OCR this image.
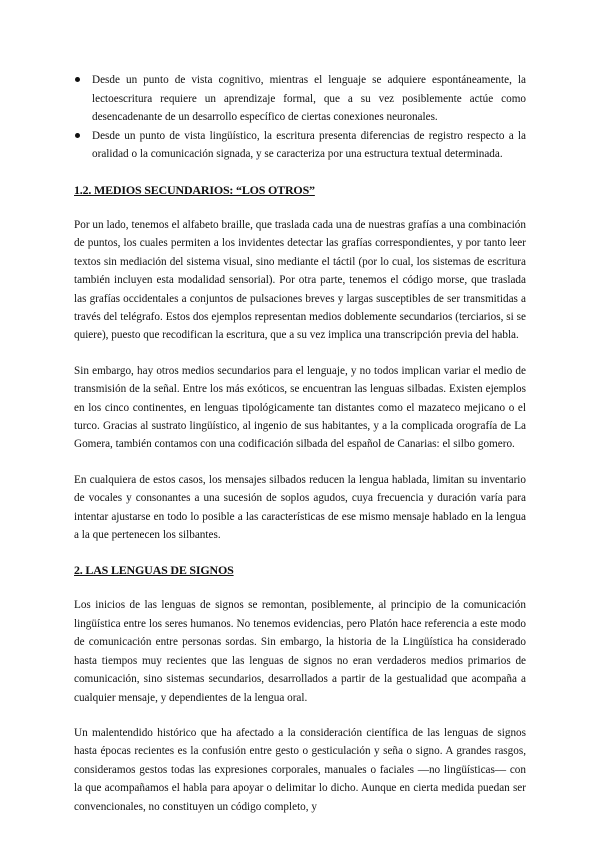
Desde un punto de vista cognitivo, mientras el lenguaje se adquiere espontáneamente, la lectoescritura requiere un aprendizaje formal, que a su vez posiblemente actúe como desencadenante de un desarrollo específico de ciertas conexiones neuronales.
Desde un punto de vista lingüístico, la escritura presenta diferencias de registro respecto a la oralidad o la comunicación signada, y se caracteriza por una estructura textual determinada.
1.2. MEDIOS SECUNDARIOS: “LOS OTROS”

Por un lado, tenemos el alfabeto braille, que traslada cada una de nuestras grafías a una combinación de puntos, los cuales permiten a los invidentes detectar las grafías correspondientes, y por tanto leer textos sin mediación del sistema visual, sino mediante el táctil (por lo cual, los sistemas de escritura también incluyen esta modalidad sensorial). Por otra parte, tenemos el código morse, que traslada las grafías occidentales a conjuntos de pulsaciones breves y largas susceptibles de ser transmitidas a través del telégrafo. Estos dos ejemplos representan medios doblemente secundarios (terciarios, si se quiere), puesto que recodifican la escritura, que a su vez implica una transcripción previa del habla.

Sin embargo, hay otros medios secundarios para el lenguaje, y no todos implican variar el medio de transmisión de la señal. Entre los más exóticos, se encuentran las lenguas silbadas. Existen ejemplos en los cinco continentes, en lenguas tipológicamente tan distantes como el mazateco mejicano o el turco. Gracias al sustrato lingüístico, al ingenio de sus habitantes, y a la complicada orografía de La Gomera, también contamos con una codificación silbada del español de Canarias: el silbo gomero.

En cualquiera de estos casos, los mensajes silbados reducen la lengua hablada, limitan su inventario de vocales y consonantes a una sucesión de soplos agudos, cuya frecuencia y duración varía para intentar ajustarse en todo lo posible a las características de ese mismo mensaje hablado en la lengua a la que pertenecen los silbantes.

2. LAS LENGUAS DE SIGNOS

Los inicios de las lenguas de signos se remontan, posiblemente, al principio de la comunicación lingüística entre los seres humanos. No tenemos evidencias, pero Platón hace referencia a este modo de comunicación entre personas sordas. Sin embargo, la historia de la Lingüística ha considerado hasta tiempos muy recientes que las lenguas de signos no eran verdaderos medios primarios de comunicación, sino sistemas secundarios, desarrollados a partir de la gestualidad que acompaña a cualquier mensaje, y dependientes de la lengua oral.

Un malentendido histórico que ha afectado a la consideración científica de las lenguas de signos hasta épocas recientes es la confusión entre gesto o gesticulación y seña o signo. A grandes rasgos, consideramos gestos todas las expresiones corporales, manuales o faciales —no lingüísticas— con la que acompañamos el habla para apoyar o delimitar lo dicho. Aunque en cierta medida puedan ser convencionales, no constituyen un código completo, y
